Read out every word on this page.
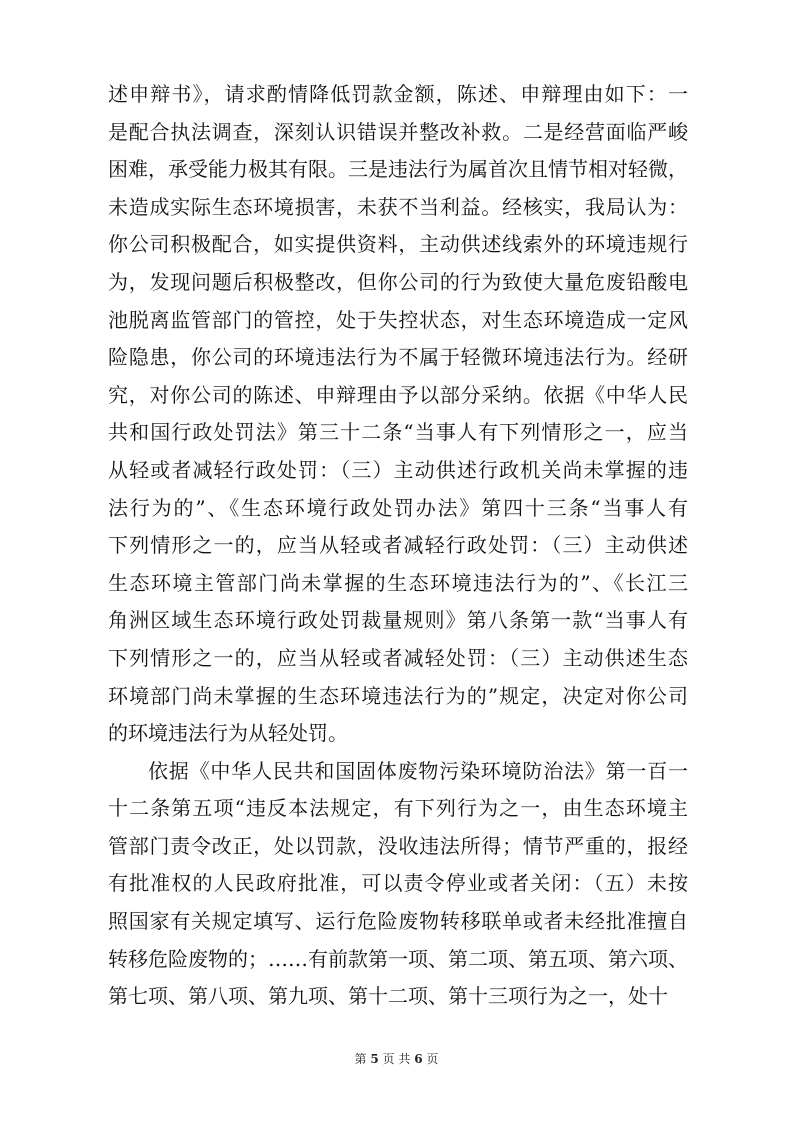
述申辩书》，请求酌情降低罚款金额，陈述、申辩理由如下：一
是配合执法调查，深刻认识错误并整改补救。二是经营面临严峻
困难，承受能力极其有限。三是违法行为属首次且情节相对轻微，
未造成实际生态环境损害，未获不当利益。经核实，我局认为：
你公司积极配合，如实提供资料，主动供述线索外的环境违规行
为，发现问题后积极整改，但你公司的行为致使大量危废铅酸电
池脱离监管部门的管控，处于失控状态，对生态环境造成一定风
险隐患，你公司的环境违法行为不属于轻微环境违法行为。经研
究，对你公司的陈述、申辩理由予以部分采纳。依据《中华人民
共和国行政处罚法》第三十二条“当事人有下列情形之一，应当
从轻或者减轻行政处罚：（三）主动供述行政机关尚未掌握的违
法行为的”、《生态环境行政处罚办法》第四十三条“当事人有
下列情形之一的，应当从轻或者减轻行政处罚：（三）主动供述
生态环境主管部门尚未掌握的生态环境违法行为的”、《长江三
角洲区域生态环境行政处罚裁量规则》第八条第一款“当事人有
下列情形之一的，应当从轻或者减轻处罚：（三）主动供述生态
环境部门尚未掌握的生态环境违法行为的”规定，决定对你公司
的环境违法行为从轻处罚。

依据《中华人民共和国固体废物污染环境防治法》第一百一
十二条第五项“违反本法规定，有下列行为之一，由生态环境主
管部门责令改正，处以罚款，没收违法所得；情节严重的，报经
有批准权的人民政府批准，可以责令停业或者关闭：（五）未按
照国家有关规定填写、运行危险废物转移联单或者未经批准擅自
转移危险废物的；……有前款第一项、第二项、第五项、第六项、
第七项、第八项、第九项、第十二项、第十三项行为之一，处十

第 5 页 共 6 页
